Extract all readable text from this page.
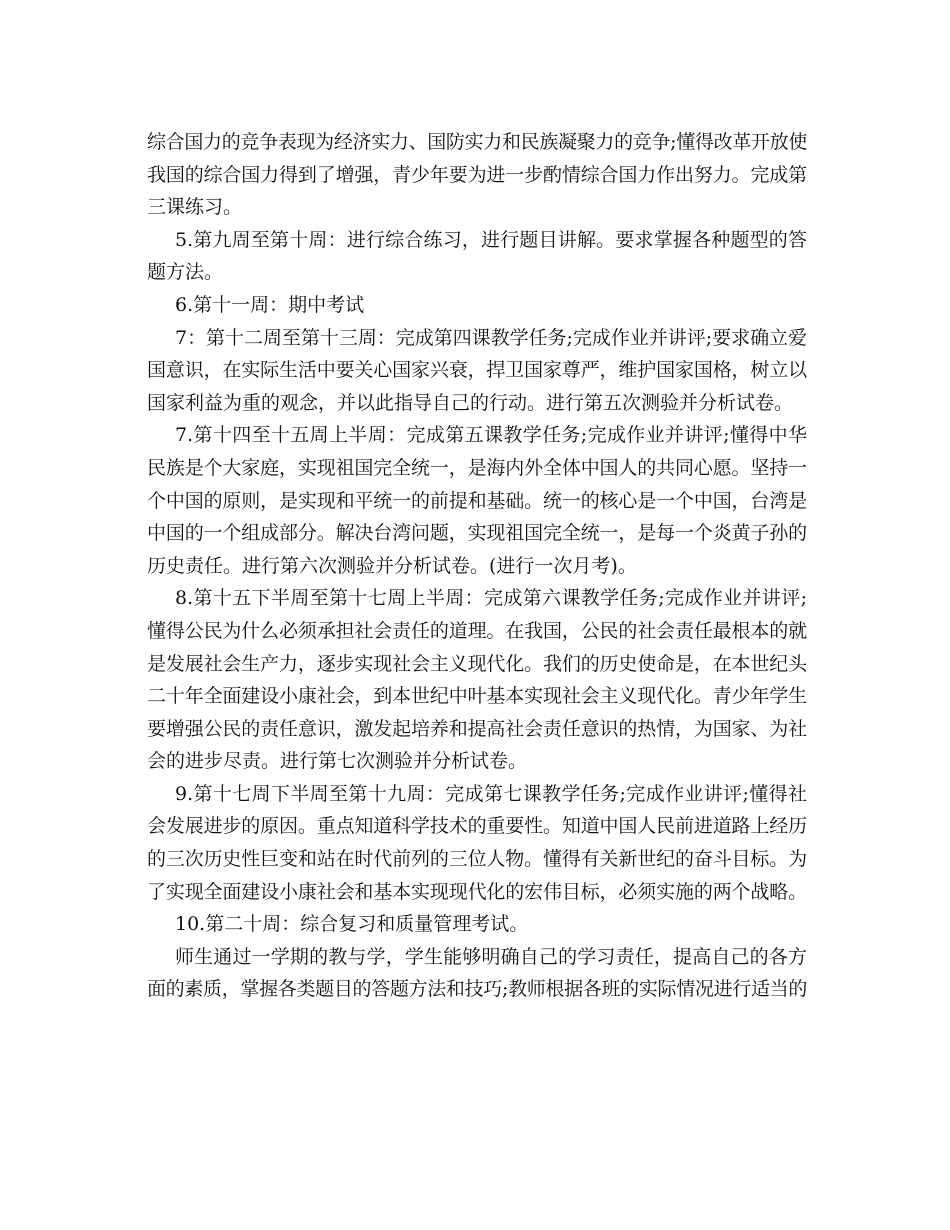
综合国力的竞争表现为经济实力、国防实力和民族凝聚力的竞争;懂得改革开放使
我国的综合国力得到了增强，青少年要为进一步酌情综合国力作出努力。完成第
三课练习。
5.第九周至第十周：进行综合练习，进行题目讲解。要求掌握各种题型的答
题方法。
6.第十一周：期中考试
7：第十二周至第十三周：完成第四课教学任务;完成作业并讲评;要求确立爱
国意识，在实际生活中要关心国家兴衰，捍卫国家尊严，维护国家国格，树立以
国家利益为重的观念，并以此指导自己的行动。进行第五次测验并分析试卷。
7.第十四至十五周上半周：完成第五课教学任务;完成作业并讲评;懂得中华
民族是个大家庭，实现祖国完全统一，是海内外全体中国人的共同心愿。坚持一
个中国的原则，是实现和平统一的前提和基础。统一的核心是一个中国，台湾是
中国的一个组成部分。解决台湾问题，实现祖国完全统一，是每一个炎黄子孙的
历史责任。进行第六次测验并分析试卷。(进行一次月考)。
8.第十五下半周至第十七周上半周：完成第六课教学任务;完成作业并讲评;
懂得公民为什么必须承担社会责任的道理。在我国，公民的社会责任最根本的就
是发展社会生产力，逐步实现社会主义现代化。我们的历史使命是，在本世纪头
二十年全面建设小康社会，到本世纪中叶基本实现社会主义现代化。青少年学生
要增强公民的责任意识，激发起培养和提高社会责任意识的热情，为国家、为社
会的进步尽责。进行第七次测验并分析试卷。
9.第十七周下半周至第十九周：完成第七课教学任务;完成作业讲评;懂得社
会发展进步的原因。重点知道科学技术的重要性。知道中国人民前进道路上经历
的三次历史性巨变和站在时代前列的三位人物。懂得有关新世纪的奋斗目标。为
了实现全面建设小康社会和基本实现现代化的宏伟目标，必须实施的两个战略。
10.第二十周：综合复习和质量管理考试。
师生通过一学期的教与学，学生能够明确自己的学习责任，提高自己的各方
面的素质，掌握各类题目的答题方法和技巧;教师根据各班的实际情况进行适当的
